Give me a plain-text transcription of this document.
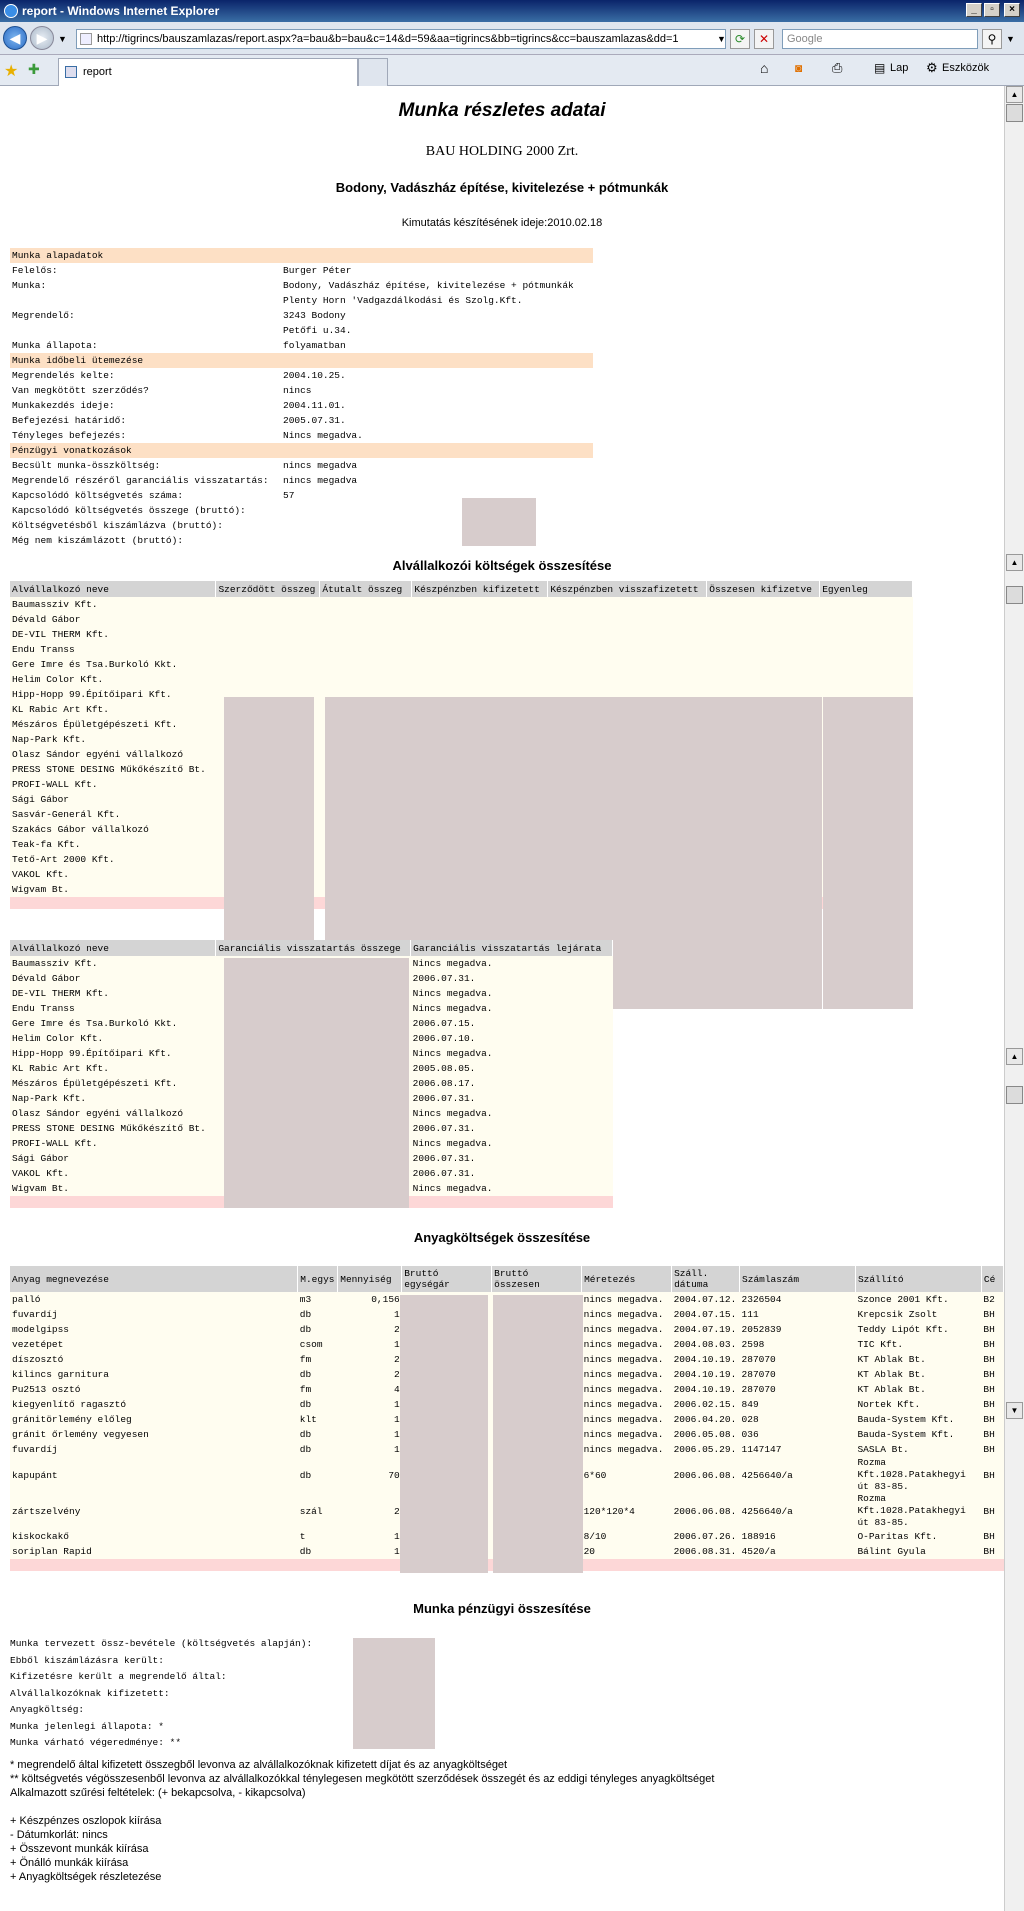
report - Windows Internet Explorer	_	▫	×
◀	▶	▼	http://tigrincs/bauszamlazas/report.aspx?a=bau&b=bau&c=14&d=59&aa=tigrincs&bb=tigrincs&cc=bauszamlazas&dd=1	▼ ⟳	✕	Google	⚲	▼
★ ✚	report	⌂ ◙ ⎙	▤ Lap ⚙ Eszközök
Munka részletes adatai
BAU HOLDING 2000 Zrt.
Bodony, Vadászház építése, kivitelezése + pótmunkák
Kimutatás készítésének ideje:2010.02.18
Munka alapadatok
Felelős:	Burger Péter
Munka:	Bodony, Vadászház építése, kivitelezése + pótmunkák
Megrendelő:
Plenty Horn 'Vadgazdálkodási és Szolg.Kft.
3243 Bodony
Petőfi u.34.
Munka állapota:	folyamatban
Munka időbeli ütemezése
Megrendelés kelte:	2004.10.25.
Van megkötött szerződés?	nincs
Munkakezdés ideje:	2004.11.01.
Befejezési határidő:	2005.07.31.
Tényleges befejezés:	Nincs megadva.
Pénzügyi vonatkozások
Becsült munka-összköltség:	nincs megadva
Megrendelő részéről garanciális visszatartás:	nincs megadva
Kapcsolódó költségvetés száma:	57
Kapcsolódó költségvetés összege (bruttó):
Költségvetésből kiszámlázva (bruttó):
Még nem kiszámlázott (bruttó):
Alvállalkozói költségek összesítése
Alvállalkozó neve	Szerződött összeg	Átutalt összeg	Készpénzben kifizetett	Készpénzben visszafizetett	Összesen kifizetve	Egyenleg
Baumassziv Kft.						
Dévald Gábor						
DE-VIL THERM Kft.						
Endu Transs						
Gere Imre és Tsa.Burkoló Kkt.						
Helim Color Kft.						
Hipp-Hopp 99.Építőipari Kft.						
KL Rabic Art Kft.						
Mészáros Épületgépészeti Kft.						
Nap-Park Kft.						
Olasz Sándor egyéni vállalkozó						
PRESS STONE DESING Műkőkészítő Bt.						
PROFI-WALL Kft.						
Sági Gábor						
Sasvár-Generál Kft.						
Szakács Gábor vállalkozó						
Teak-fa Kft.						
Tető-Art 2000 Kft.						
VAKOL Kft.						
Wigvam Bt.						

Alvállalkozó neve	Garanciális visszatartás összege	Garanciális visszatartás lejárata
Baumassziv Kft.		Nincs megadva.
Dévald Gábor		2006.07.31.
DE-VIL THERM Kft.		Nincs megadva.
Endu Transs		Nincs megadva.
Gere Imre és Tsa.Burkoló Kkt.		2006.07.15.
Helim Color Kft.		2006.07.10.
Hipp-Hopp 99.Építőipari Kft.		Nincs megadva.
KL Rabic Art Kft.		2005.08.05.
Mészáros Épületgépészeti Kft.		2006.08.17.
Nap-Park Kft.		2006.07.31.
Olasz Sándor egyéni vállalkozó		Nincs megadva.
PRESS STONE DESING Műkőkészítő Bt.		2006.07.31.
PROFI-WALL Kft.		Nincs megadva.
Sági Gábor		2006.07.31.
VAKOL Kft.		2006.07.31.
Wigvam Bt.		Nincs megadva.

Anyagköltségek összesítése
Anyag megnevezése	M.egys	Mennyiség	Bruttó egységár	Bruttó összesen	Méretezés	Száll. dátuma	Számlaszám	Szállító	Cé
palló	m3	0,156			nincs megadva.	2004.07.12.	2326504	Szonce 2001 Kft.	B2
fuvardíj	db	1			nincs megadva.	2004.07.15.	111	Krepcsik Zsolt	BH
modelgipss	db	2			nincs megadva.	2004.07.19.	2052839	Teddy Lipót Kft.	BH
vezetépet	csom	1			nincs megadva.	2004.08.03.	2598	TIC Kft.	BH
díszosztó	fm	2			nincs megadva.	2004.10.19.	287070	KT Ablak Bt.	BH
kilincs garnitura	db	2			nincs megadva.	2004.10.19.	287070	KT Ablak Bt.	BH
Pu2513 osztó	fm	4			nincs megadva.	2004.10.19.	287070	KT Ablak Bt.	BH
kiegyenlítő ragasztó	db	1			nincs megadva.	2006.02.15.	849	Nortek Kft.	BH
gránitörlemény előleg	klt	1			nincs megadva.	2006.04.20.	028	Bauda-System Kft.	BH
gránit őrlemény vegyesen	db	1			nincs megadva.	2006.05.08.	036	Bauda-System Kft.	BH
fuvardíj	db	1			nincs megadva.	2006.05.29.	1147147	SASLA Bt.	BH
kapupánt	db	70			6*60	2006.06.08.	4256640/a	Rozma Kft.1028.Patakhegyi út 83-85.	BH
zártszelvény	szál	2			120*120*4	2006.06.08.	4256640/a	Rozma Kft.1028.Patakhegyi út 83-85.	BH
kiskockakő	t	1			8/10	2006.07.26.	188916	O-Paritas Kft.	BH
soriplan Rapid	db	1			20	2006.08.31.	4520/a	Bálint Gyula	BH

Munka pénzügyi összesítése
Munka tervezett össz-bevétele (költségvetés alapján):
Ebből kiszámlázásra került:
Kifizetésre került a megrendelő által:
Alvállalkozóknak kifizetett:
Anyagköltség:
Munka jelenlegi állapota: *
Munka várható végeredménye: **
* megrendelő által kifizetett összegből levonva az alvállalkozóknak kifizetett díjat és az anyagköltséget
** költségvetés végösszesenből levonva az alvállalkozókkal ténylegesen megkötött szerződések összegét és az eddigi tényleges anyagköltséget
Alkalmazott szűrési feltételek: (+ bekapcsolva, - kikapcsolva)
+ Készpénzes oszlopok kiírása
- Dátumkorlát: nincs
+ Összevont munkák kiírása
+ Önálló munkák kiírása
+ Anyagköltségek részletezése
▲
▲
▲
▼
